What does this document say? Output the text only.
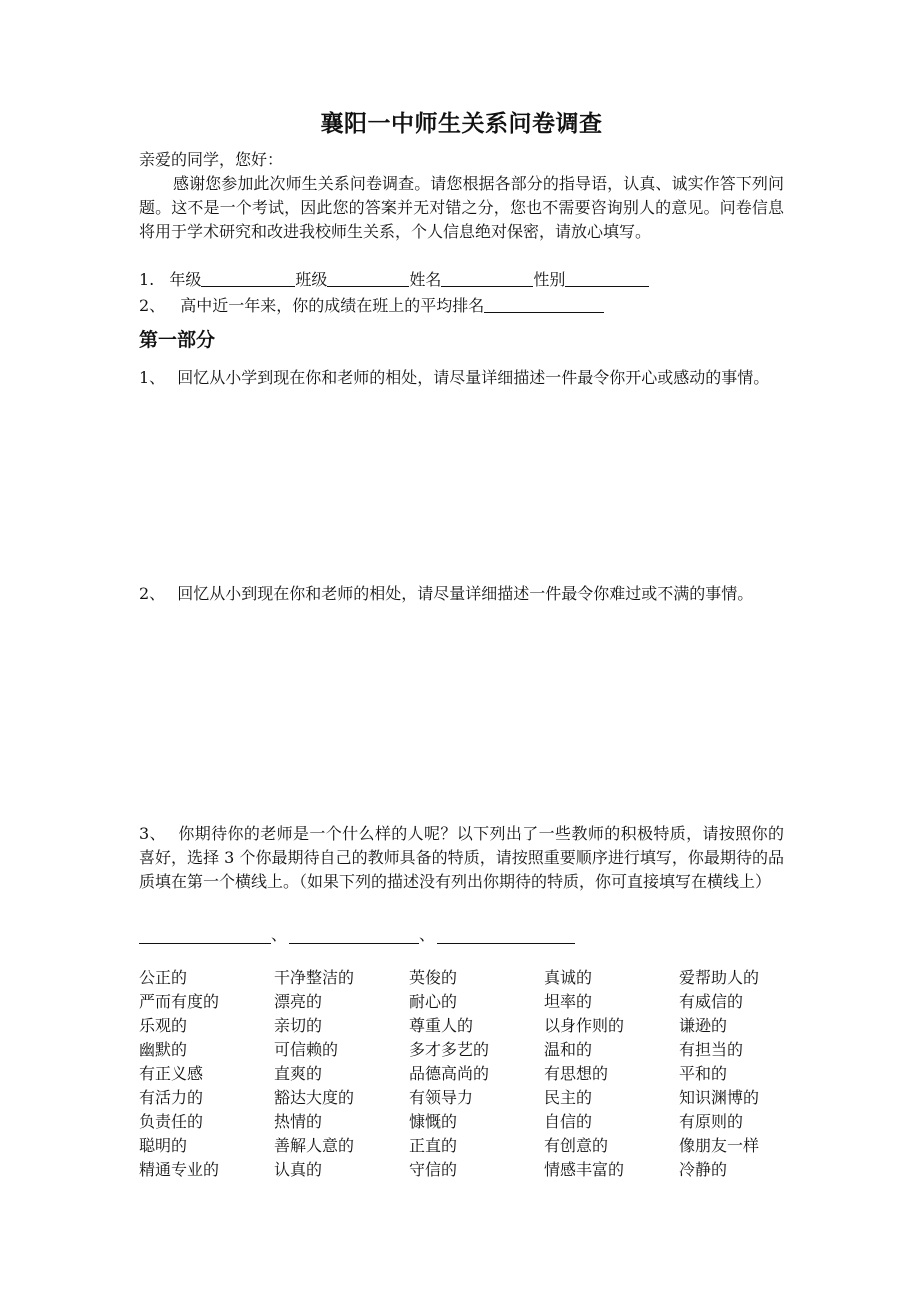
襄阳一中师生关系问卷调查
亲爱的同学，您好：

感谢您参加此次师生关系问卷调查。请您根据各部分的指导语，认真、诚实作答下列问题。这不是一个考试，因此您的答案并无对错之分，您也不需要咨询别人的意见。问卷信息将用于学术研究和改进我校师生关系，个人信息绝对保密，请放心填写。

1. 年级	班级	姓名	性别
2、 高中近一年来，你的成绩在班上的平均排名
第一部分

1、 回忆从小学到现在你和老师的相处，请尽量详细描述一件最令你开心或感动的事情。

2、 回忆从小到现在你和老师的相处，请尽量详细描述一件最令你难过或不满的事情。

3、 你期待你的老师是一个什么样的人呢？以下列出了一些教师的积极特质，请按照你的喜好，选择 3 个你最期待自己的教师具备的特质，请按照重要顺序进行填写，你最期待的品质填在第一个横线上。（如果下列的描述没有列出你期待的特质，你可直接填写在横线上）

、	、
公正的	干净整洁的	英俊的	真诚的	爱帮助人的
严而有度的	漂亮的	耐心的	坦率的	有威信的
乐观的	亲切的	尊重人的	以身作则的	谦逊的
幽默的	可信赖的	多才多艺的	温和的	有担当的
有正义感	直爽的	品德高尚的	有思想的	平和的
有活力的	豁达大度的	有领导力	民主的	知识渊博的
负责任的	热情的	慷慨的	自信的	有原则的
聪明的	善解人意的	正直的	有创意的	像朋友一样
精通专业的	认真的	守信的	情感丰富的	冷静的
